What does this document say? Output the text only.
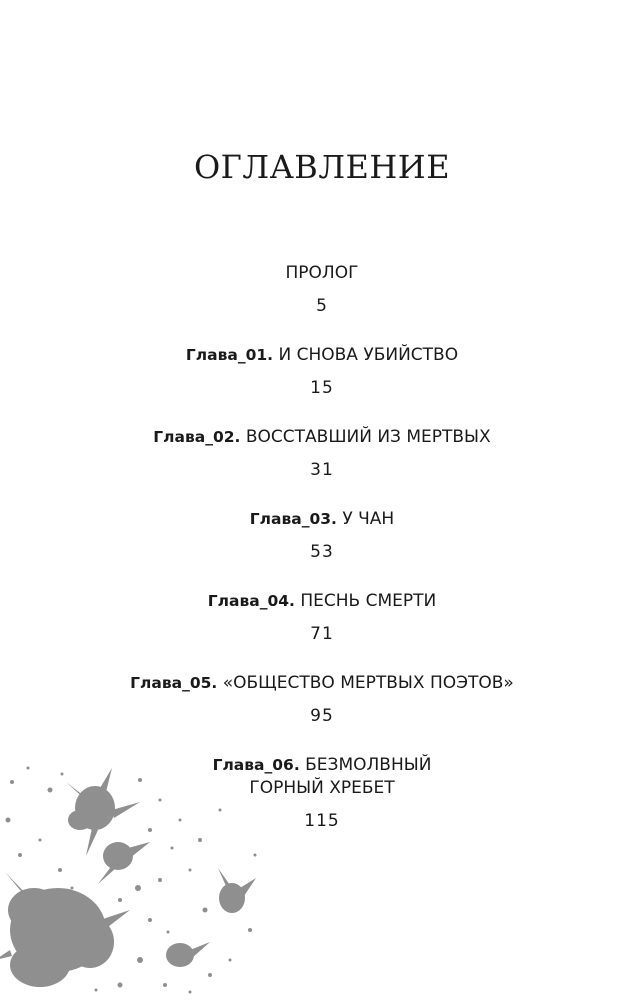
ОГЛАВЛЕНИЕ
ПРОЛОГ
5
Глава_01. И СНОВА УБИЙСТВО
15
Глава_02. ВОССТАВШИЙ ИЗ МЕРТВЫХ
31
Глава_03. У ЧАН
53
Глава_04. ПЕСНЬ СМЕРТИ
71
Глава_05. «ОБЩЕСТВО МЕРТВЫХ ПОЭТОВ»
95
Глава_06. БЕЗМОЛВНЫЙ
ГОРНЫЙ ХРЕБЕТ
115
